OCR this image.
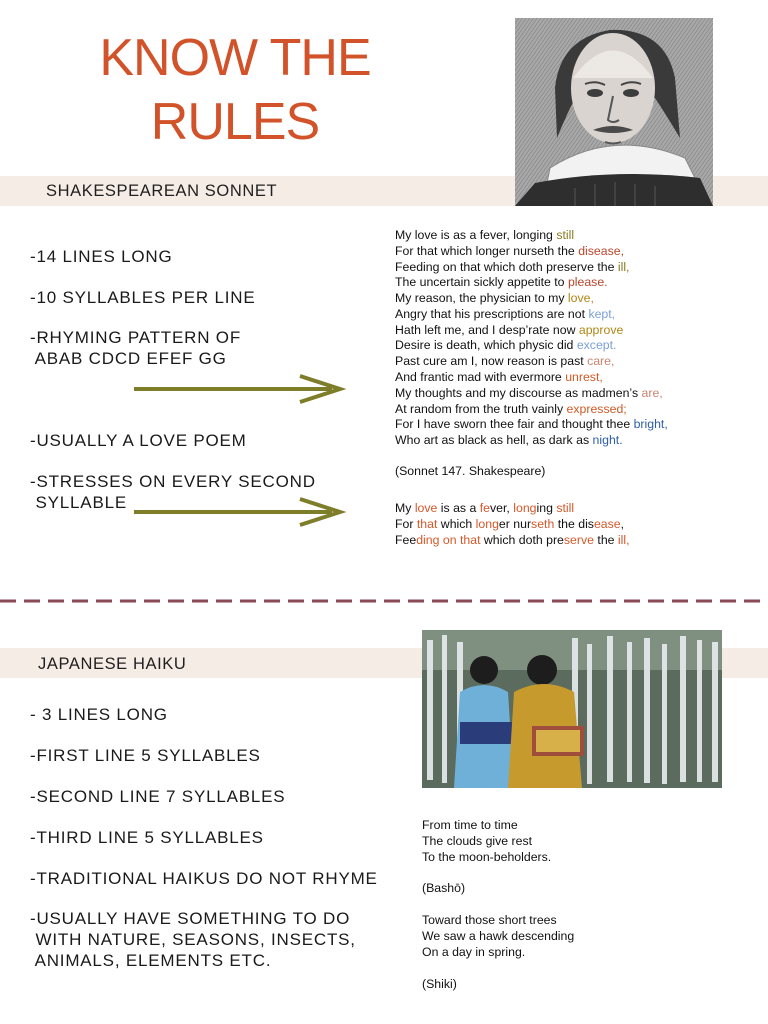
KNOW THE
RULES
SHAKESPEAREAN SONNET
-14 LINES LONG
-10 SYLLABLES PER LINE
-RHYMING PATTERN OF
ABAB CDCD EFEF GG
-USUALLY A LOVE POEM
-STRESSES ON EVERY SECOND
SYLLABLE
My love is as a fever, longing still
For that which longer nurseth the disease,
Feeding on that which doth preserve the ill,
The uncertain sickly appetite to please.
My reason, the physician to my love,
Angry that his prescriptions are not kept,
Hath left me, and I desp’rate now approve
Desire is death, which physic did except.
Past cure am I, now reason is past care,
And frantic mad with evermore unrest,
My thoughts and my discourse as madmen’s are,
At random from the truth vainly expressed;
For I have sworn thee fair and thought thee bright,
Who art as black as hell, as dark as night.
(Sonnet 147. Shakespeare)
My love is as a fever, longing still
For that which longer nurseth the disease,
Feeding on that which doth preserve the ill,
JAPANESE HAIKU
- 3 LINES LONG
-FIRST LINE 5 SYLLABLES
-SECOND LINE 7 SYLLABLES
-THIRD LINE 5 SYLLABLES
-TRADITIONAL HAIKUS DO NOT RHYME
-USUALLY HAVE SOMETHING TO DO
WITH NATURE, SEASONS, INSECTS,
ANIMALS, ELEMENTS ETC.
From time to time
The clouds give rest
To the moon-beholders.
(Bashō)
Toward those short trees
We saw a hawk descending
On a day in spring.
(Shiki)
